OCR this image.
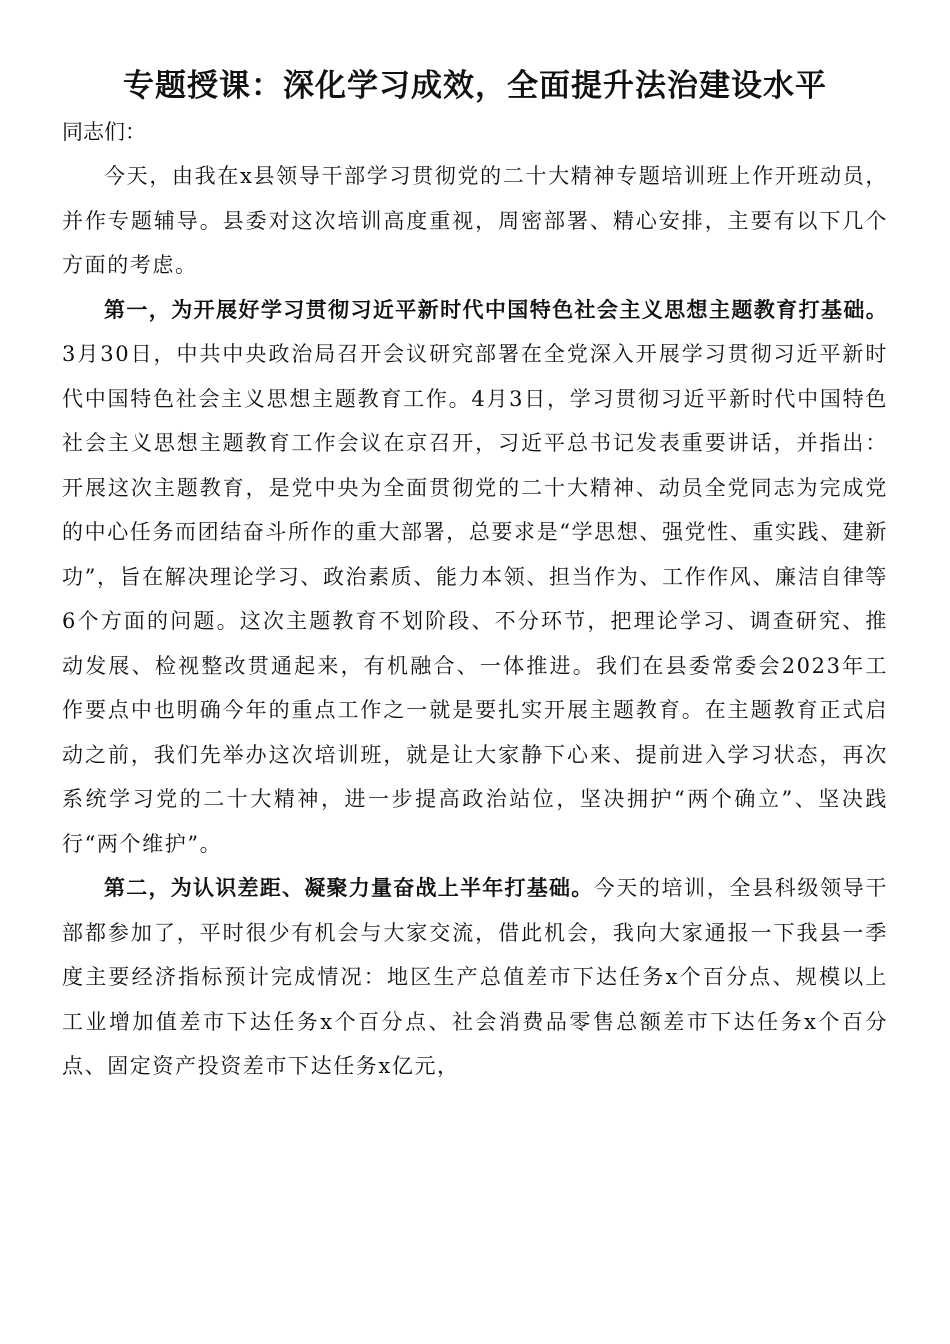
专题授课：深化学习成效，全面提升法治建设水平

同志们：

今天，由我在x县领导干部学习贯彻党的二十大精神专题培训班上作开班动员，并作专题辅导。县委对这次培训高度重视，周密部署、精心安排，主要有以下几个方面的考虑。

第一，为开展好学习贯彻习近平新时代中国特色社会主义思想主题教育打基础。3月30日，中共中央政治局召开会议研究部署在全党深入开展学习贯彻习近平新时代中国特色社会主义思想主题教育工作。4月3日，学习贯彻习近平新时代中国特色社会主义思想主题教育工作会议在京召开，习近平总书记发表重要讲话，并指出：开展这次主题教育，是党中央为全面贯彻党的二十大精神、动员全党同志为完成党的中心任务而团结奋斗所作的重大部署，总要求是“学思想、强党性、重实践、建新功”，旨在解决理论学习、政治素质、能力本领、担当作为、工作作风、廉洁自律等6个方面的问题。这次主题教育不划阶段、不分环节，把理论学习、调查研究、推动发展、检视整改贯通起来，有机融合、一体推进。我们在县委常委会2023年工作要点中也明确今年的重点工作之一就是要扎实开展主题教育。在主题教育正式启动之前，我们先举办这次培训班，就是让大家静下心来、提前进入学习状态，再次系统学习党的二十大精神，进一步提高政治站位，坚决拥护“两个确立”、坚决践行“两个维护”。

第二，为认识差距、凝聚力量奋战上半年打基础。今天的培训，全县科级领导干部都参加了，平时很少有机会与大家交流，借此机会，我向大家通报一下我县一季度主要经济指标预计完成情况：地区生产总值差市下达任务x个百分点、规模以上工业增加值差市下达任务x个百分点、社会消费品零售总额差市下达任务x个百分点、固定资产投资差市下达任务x亿元，
